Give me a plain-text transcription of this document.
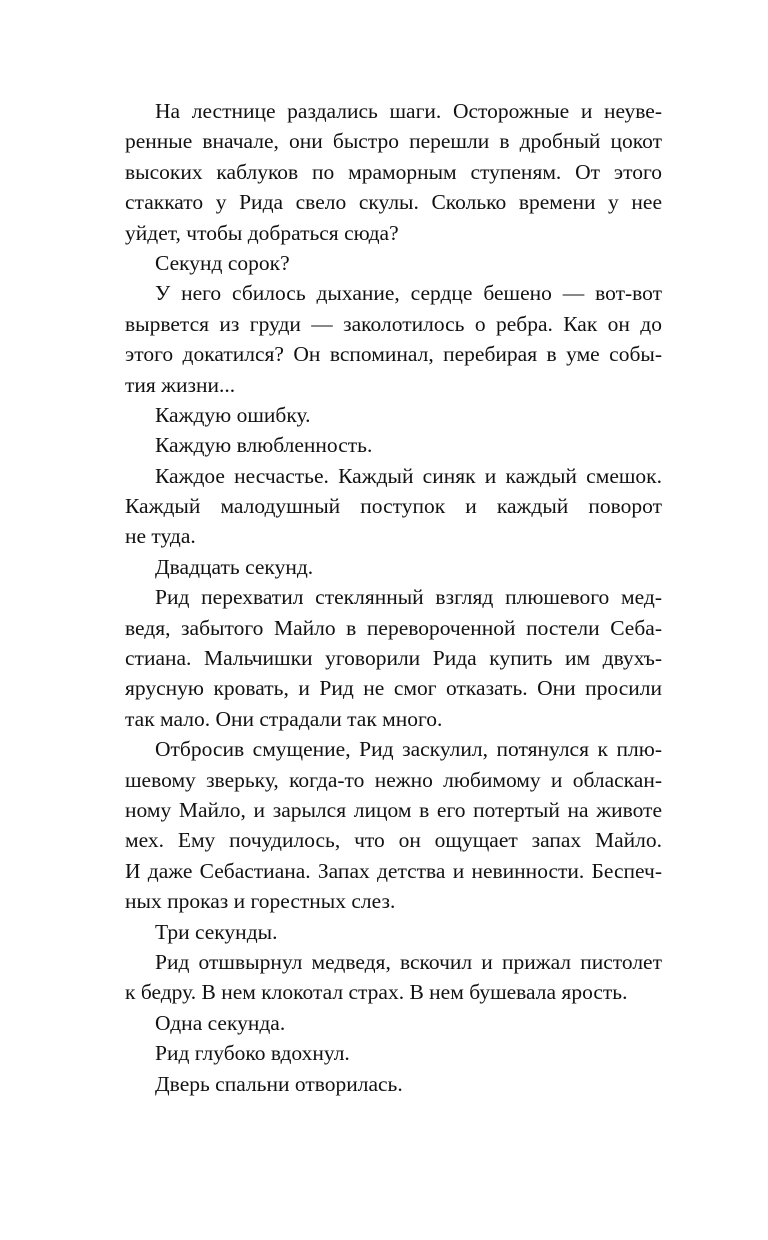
На лестнице раздались шаги. Осторожные и неуве-
ренные вначале, они быстро перешли в дробный цокот
высоких каблуков по мраморным ступеням. От этого
стаккато у Рида свело скулы. Сколько времени у нее
уйдет, чтобы добраться сюда?
Секунд сорок?
У него сбилось дыхание, сердце бешено — вот-вот
вырвется из груди — заколотилось о ребра. Как он до
этого докатился? Он вспоминал, перебирая в уме собы-
тия жизни...
Каждую ошибку.
Каждую влюбленность.
Каждое несчастье. Каждый синяк и каждый смешок.
Каждый малодушный поступок и каждый поворот
не туда.
Двадцать секунд.
Рид перехватил стеклянный взгляд плюшевого мед-
ведя, забытого Майло в перевороченной постели Себа-
стиана. Мальчишки уговорили Рида купить им двухъ-
ярусную кровать, и Рид не смог отказать. Они просили
так мало. Они страдали так много.
Отбросив смущение, Рид заскулил, потянулся к плю-
шевому зверьку, когда-то нежно любимому и обласкан-
ному Майло, и зарылся лицом в его потертый на животе
мех. Ему почудилось, что он ощущает запах Майло.
И даже Себастиана. Запах детства и невинности. Беспеч-
ных проказ и горестных слез.
Три секунды.
Рид отшвырнул медведя, вскочил и прижал пистолет
к бедру. В нем клокотал страх. В нем бушевала ярость.
Одна секунда.
Рид глубоко вдохнул.
Дверь спальни отворилась.
